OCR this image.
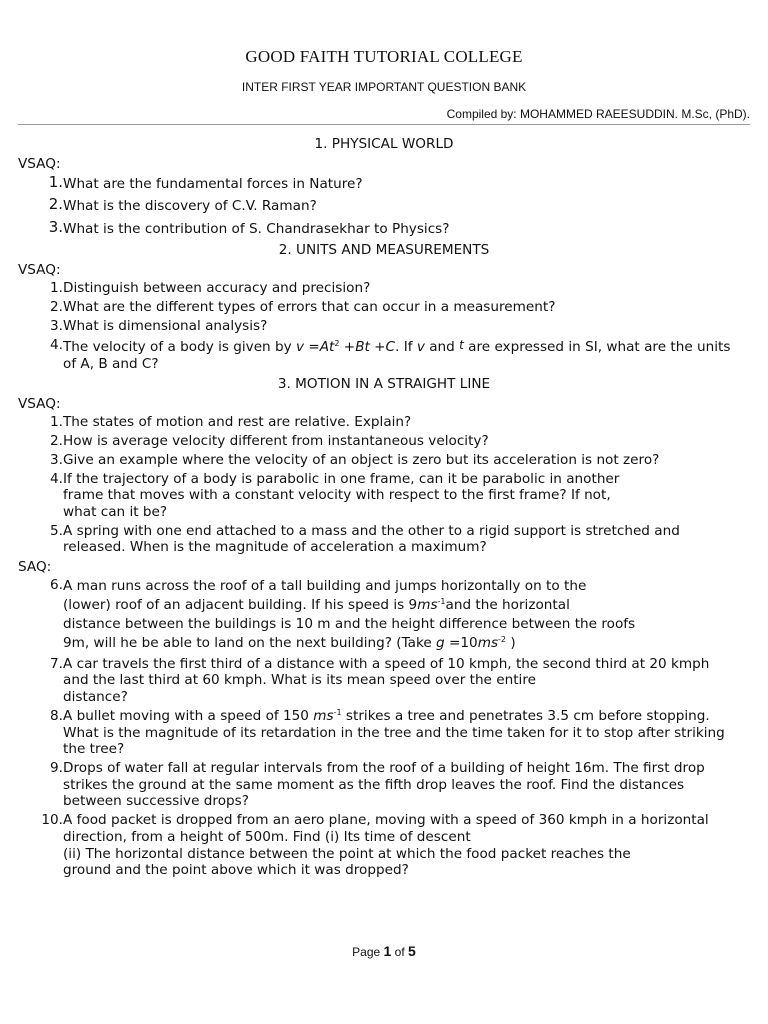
GOOD FAITH TUTORIAL COLLEGE
INTER FIRST YEAR IMPORTANT QUESTION BANK
Compiled by: MOHAMMED RAEESUDDIN. M.Sc, (PhD).
1. PHYSICAL WORLD
VSAQ:
1. What are the fundamental forces in Nature?
2. What is the discovery of C.V. Raman?
3. What is the contribution of S. Chandrasekhar to Physics?
2. UNITS AND MEASUREMENTS
VSAQ:
1. Distinguish between accuracy and precision?
2. What are the different types of errors that can occur in a measurement?
3. What is dimensional analysis?
4. The velocity of a body is given by $v =At^2 +Bt +C$. If v and t are expressed in SI, what are the units
of A, B and C?
3. MOTION IN A STRAIGHT LINE
VSAQ:
1. The states of motion and rest are relative. Explain?
2. How is average velocity different from instantaneous velocity?
3. Give an example where the velocity of an object is zero but its acceleration is not zero?
4. If the trajectory of a body is parabolic in one frame, can it be parabolic in another
frame that moves with a constant velocity with respect to the first frame? If not,
what can it be?
5. A spring with one end attached to a mass and the other to a rigid support is stretched and
released. When is the magnitude of acceleration a maximum?
SAQ:
6. A man runs across the roof of a tall building and jumps horizontally on to the
(lower) roof of an adjacent building. If his speed is $9ms^{-1}and$ the horizontal
distance between the buildings is 10 m and the height difference between the roofs
9m, will he be able to land on the next building? (Take $g =10ms^{-2}$ )
7. A car travels the first third of a distance with a speed of 10 kmph, the second third at 20 kmph
and the last third at 60 kmph. What is its mean speed over the entire
distance?
8. A bullet moving with a speed of 150 $ms^{-1}$ strikes a tree and penetrates 3.5 cm before stopping.
What is the magnitude of its retardation in the tree and the time taken for it to stop after striking
the tree?
9. Drops of water fall at regular intervals from the roof of a building of height 16m. The first drop
strikes the ground at the same moment as the fifth drop leaves the roof. Find the distances
between successive drops?
10. A food packet is dropped from an aero plane, moving with a speed of 360 kmph in a horizontal
direction, from a height of 500m. Find (i) Its time of descent
(ii) The horizontal distance between the point at which the food packet reaches the
ground and the point above which it was dropped?
Page 1 of 5
